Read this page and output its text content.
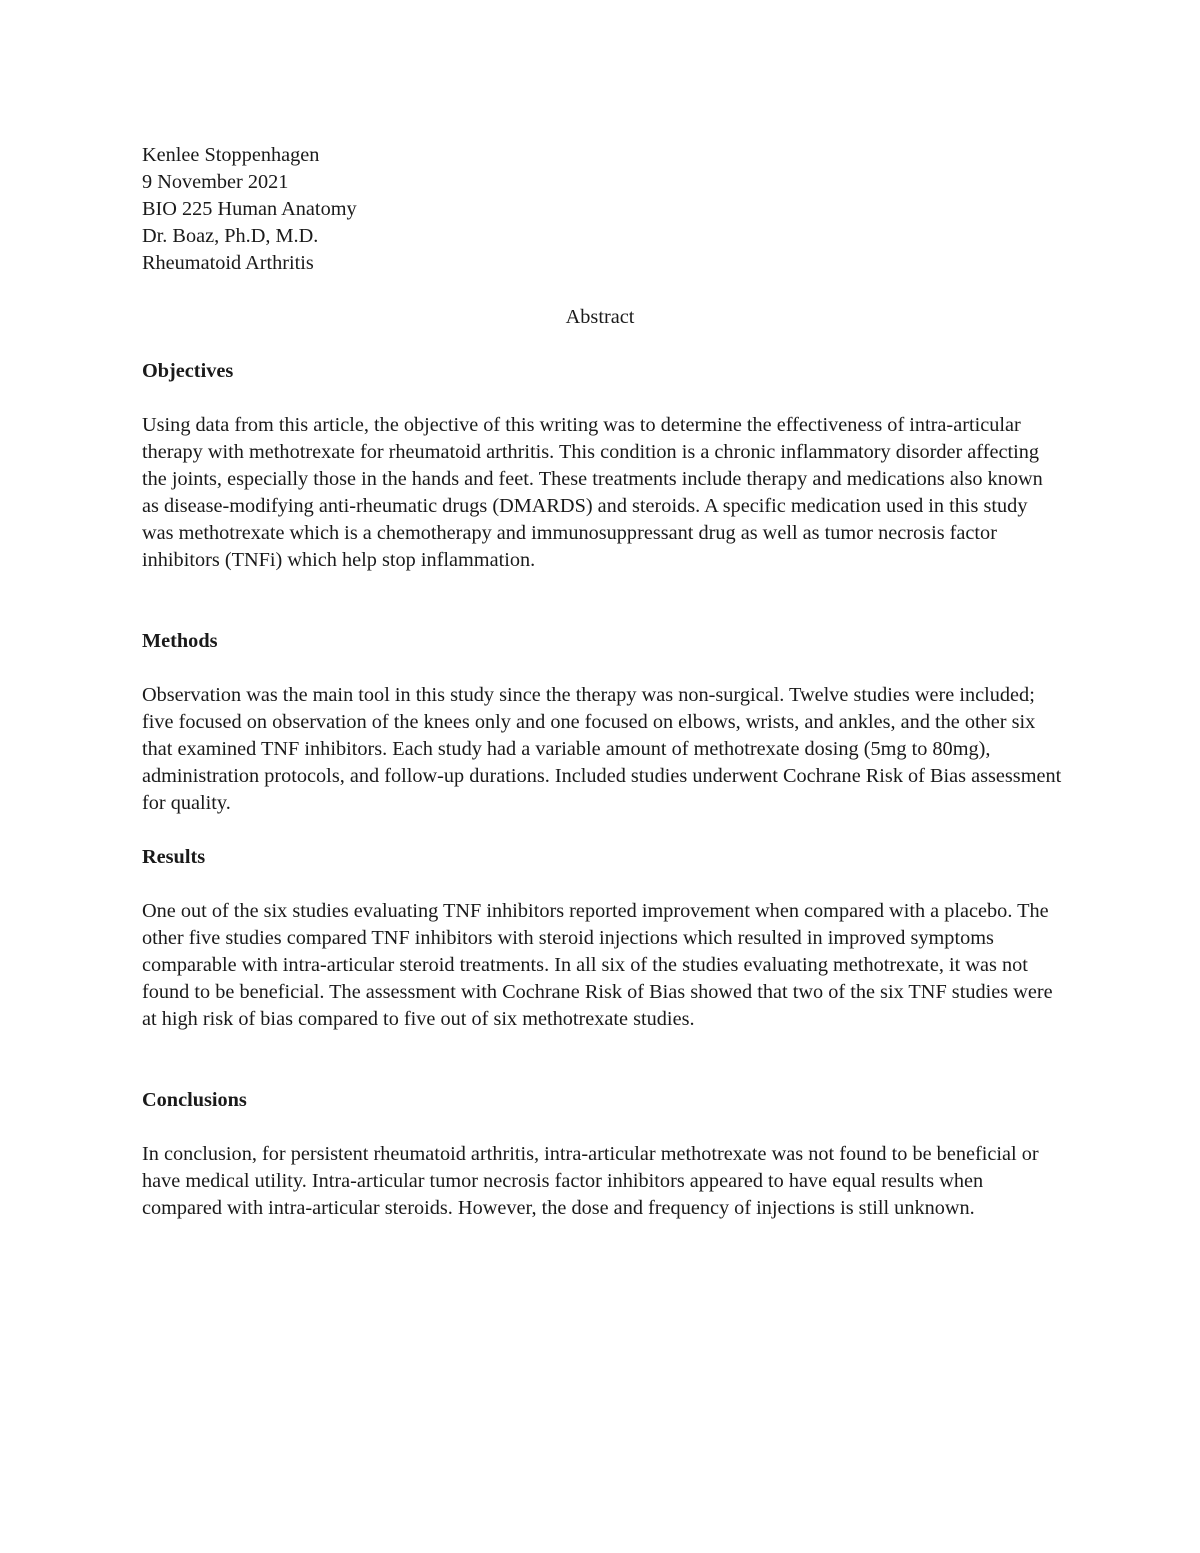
Kenlee Stoppenhagen
9 November 2021
BIO 225 Human Anatomy
Dr. Boaz, Ph.D, M.D.
Rheumatoid Arthritis
Abstract
Objectives

Using data from this article, the objective of this writing was to determine the effectiveness of intra-articular therapy with methotrexate for rheumatoid arthritis. This condition is a chronic inflammatory disorder affecting the joints, especially those in the hands and feet. These treatments include therapy and medications also known as disease-modifying anti-rheumatic drugs (DMARDS) and steroids. A specific medication used in this study was methotrexate which is a chemotherapy and immunosuppressant drug as well as tumor necrosis factor inhibitors (TNFi) which help stop inflammation.

Methods

Observation was the main tool in this study since the therapy was non-surgical. Twelve studies were included; five focused on observation of the knees only and one focused on elbows, wrists, and ankles, and the other six that examined TNF inhibitors. Each study had a variable amount of methotrexate dosing (5mg to 80mg), administration protocols, and follow-up durations. Included studies underwent Cochrane Risk of Bias assessment for quality.

Results

One out of the six studies evaluating TNF inhibitors reported improvement when compared with a placebo. The other five studies compared TNF inhibitors with steroid injections which resulted in improved symptoms comparable with intra-articular steroid treatments. In all six of the studies evaluating methotrexate, it was not found to be beneficial. The assessment with Cochrane Risk of Bias showed that two of the six TNF studies were at high risk of bias compared to five out of six methotrexate studies.

Conclusions

In conclusion, for persistent rheumatoid arthritis, intra-articular methotrexate was not found to be beneficial or have medical utility. Intra-articular tumor necrosis factor inhibitors appeared to have equal results when compared with intra-articular steroids. However, the dose and frequency of injections is still unknown.
